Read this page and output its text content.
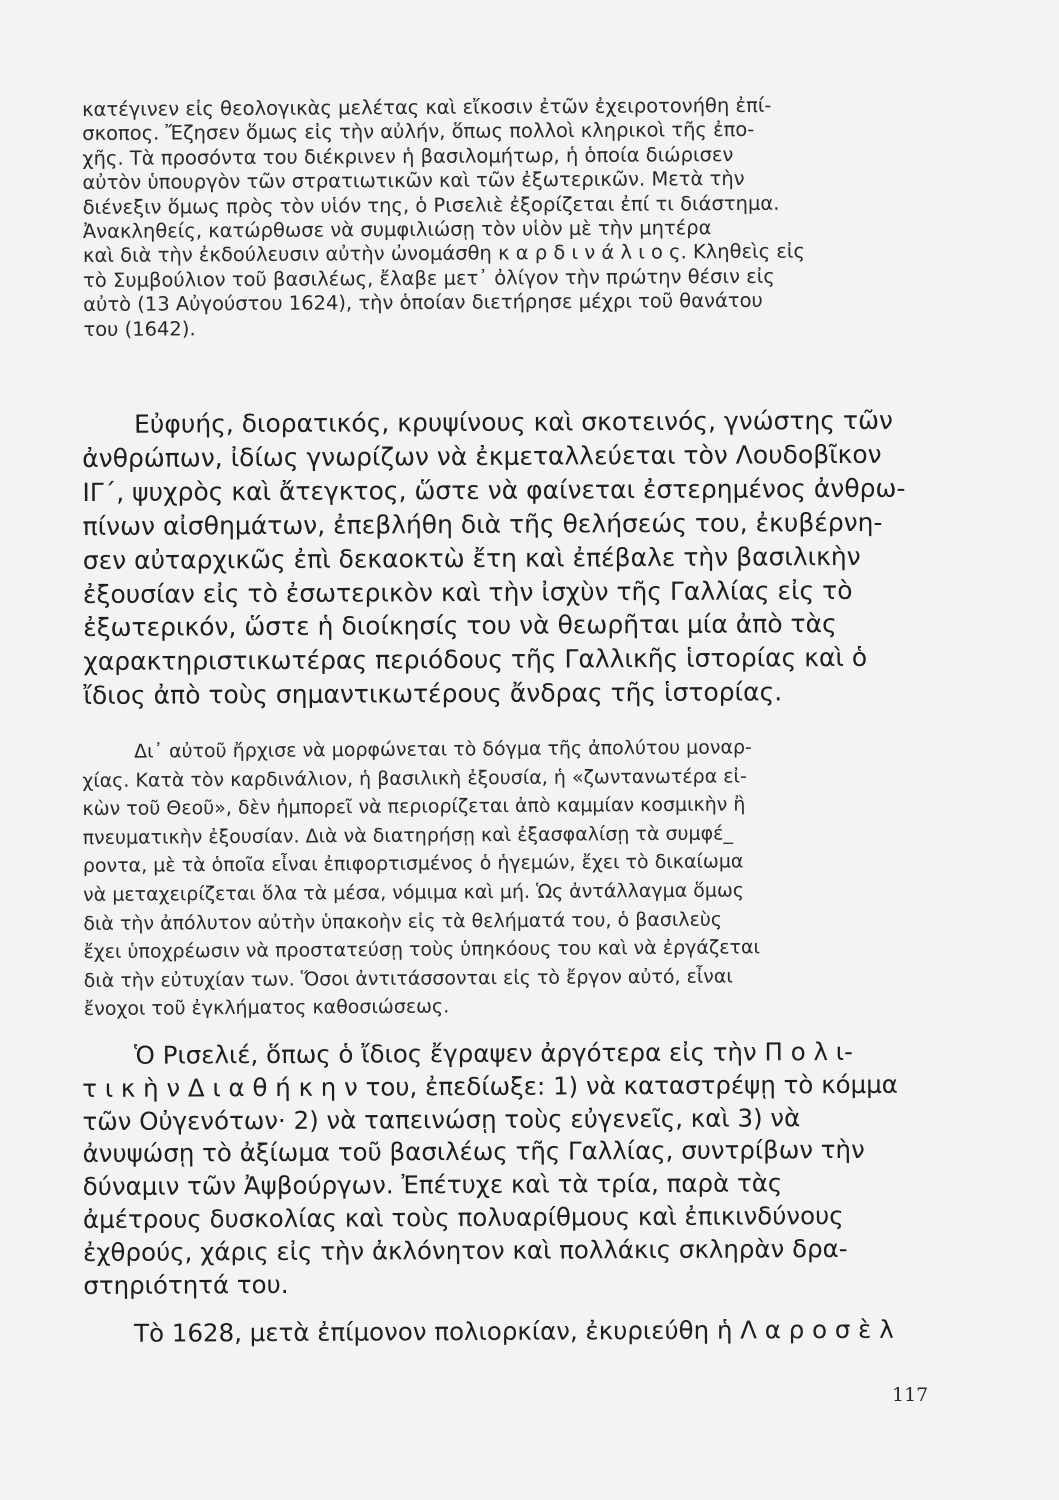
κατέγινεν εἰς θεολογικὰς μελέτας καὶ εἴκοσιν ἐτῶν ἐχειροτονήθη ἐπί-
σκοπος. Ἔζησεν ὅμως εἰς τὴν αὐλήν, ὅπως πολλοὶ κληρικοὶ τῆς ἐπο-
χῆς. Τὰ προσόντα του διέκρινεν ἡ βασιλομήτωρ, ἡ ὁποία διώρισεν
αὐτὸν ὑπουργὸν τῶν στρατιωτικῶν καὶ τῶν ἐξωτερικῶν. Μετὰ τὴν
διένεξιν ὅμως πρὸς τὸν υἱόν της, ὁ Ρισελιὲ ἐξορίζεται ἐπί τι διάστημα.
Ἀνακληθείς, κατώρθωσε νὰ συμφιλιώσῃ τὸν υἱὸν μὲ τὴν μητέρα
καὶ διὰ τὴν ἐκδούλευσιν αὐτὴν ὠνομάσθη κ α ρ δ ι ν ά λ ι ο ς. Κληθεὶς εἰς
τὸ Συμβούλιον τοῦ βασιλέως, ἔλαβε μετ᾽ ὀλίγον τὴν πρώτην θέσιν εἰς
αὐτὸ (13 Αὐγούστου 1624), τὴν ὁποίαν διετήρησε μέχρι τοῦ θανάτου
του (1642).
Εὐφυής, διορατικός, κρυψίνους καὶ σκοτεινός, γνώστης τῶν
ἀνθρώπων, ἰδίως γνωρίζων νὰ ἐκμεταλλεύεται τὸν Λουδοβῖκον
ΙΓ´, ψυχρὸς καὶ ἄτεγκτος, ὥστε νὰ φαίνεται ἐστερημένος ἀνθρω-
πίνων αἰσθημάτων, ἐπεβλήθη διὰ τῆς θελήσεώς του, ἐκυβέρνη-
σεν αὐταρχικῶς ἐπὶ δεκαοκτὼ ἔτη καὶ ἐπέβαλε τὴν βασιλικὴν
ἐξουσίαν εἰς τὸ ἐσωτερικὸν καὶ τὴν ἰσχὺν τῆς Γαλλίας εἰς τὸ
ἐξωτερικόν, ὥστε ἡ διοίκησίς του νὰ θεωρῆται μία ἀπὸ τὰς
χαρακτηριστικωτέρας περιόδους τῆς Γαλλικῆς ἱστορίας καὶ ὁ
ἴδιος ἀπὸ τοὺς σημαντικωτέρους ἄνδρας τῆς ἱστορίας.
Δι᾽ αὐτοῦ ἤρχισε νὰ μορφώνεται τὸ δόγμα τῆς ἀπολύτου μοναρ-
χίας. Κατὰ τὸν καρδινάλιον, ἡ βασιλικὴ ἐξουσία, ἡ «ζωντανωτέρα εἰ-
κὼν τοῦ Θεοῦ», δὲν ἠμπορεῖ νὰ περιορίζεται ἀπὸ καμμίαν κοσμικὴν ἢ
πνευματικὴν ἐξουσίαν. Διὰ νὰ διατηρήσῃ καὶ ἐξασφαλίσῃ τὰ συμφέ_
ροντα, μὲ τὰ ὁποῖα εἶναι ἐπιφορτισμένος ὁ ἡγεμών, ἔχει τὸ δικαίωμα
νὰ μεταχειρίζεται ὅλα τὰ μέσα, νόμιμα καὶ μή. Ὡς ἀντάλλαγμα ὅμως
διὰ τὴν ἀπόλυτον αὐτὴν ὑπακοὴν εἰς τὰ θελήματά του, ὁ βασιλεὺς
ἔχει ὑποχρέωσιν νὰ προστατεύσῃ τοὺς ὑπηκόους του καὶ νὰ ἐργάζεται
διὰ τὴν εὐτυχίαν των. Ὅσοι ἀντιτάσσονται εἰς τὸ ἔργον αὐτό, εἶναι
ἔνοχοι τοῦ ἐγκλήματος καθοσιώσεως.
Ὁ Ρισελιέ, ὅπως ὁ ἴδιος ἔγραψεν ἀργότερα εἰς τὴν Π ο λ ι-
τ ι κ ὴ ν Δ ι α θ ή κ η ν του, ἐπεδίωξε: 1) νὰ καταστρέψῃ τὸ κόμμα
τῶν Οὐγενότων· 2) νὰ ταπεινώσῃ τοὺς εὐγενεῖς, καὶ 3) νὰ
ἀνυψώσῃ τὸ ἀξίωμα τοῦ βασιλέως τῆς Γαλλίας, συντρίβων τὴν
δύναμιν τῶν Ἀψβούργων. Ἐπέτυχε καὶ τὰ τρία, παρὰ τὰς
ἀμέτρους δυσκολίας καὶ τοὺς πολυαρίθμους καὶ ἐπικινδύνους
ἐχθρούς, χάρις εἰς τὴν ἀκλόνητον καὶ πολλάκις σκληρὰν δρα-
στηριότητά του.
Τὸ 1628, μετὰ ἐπίμονον πολιορκίαν, ἐκυριεύθη ἡ Λ α ρ ο σ ὲ λ
117
